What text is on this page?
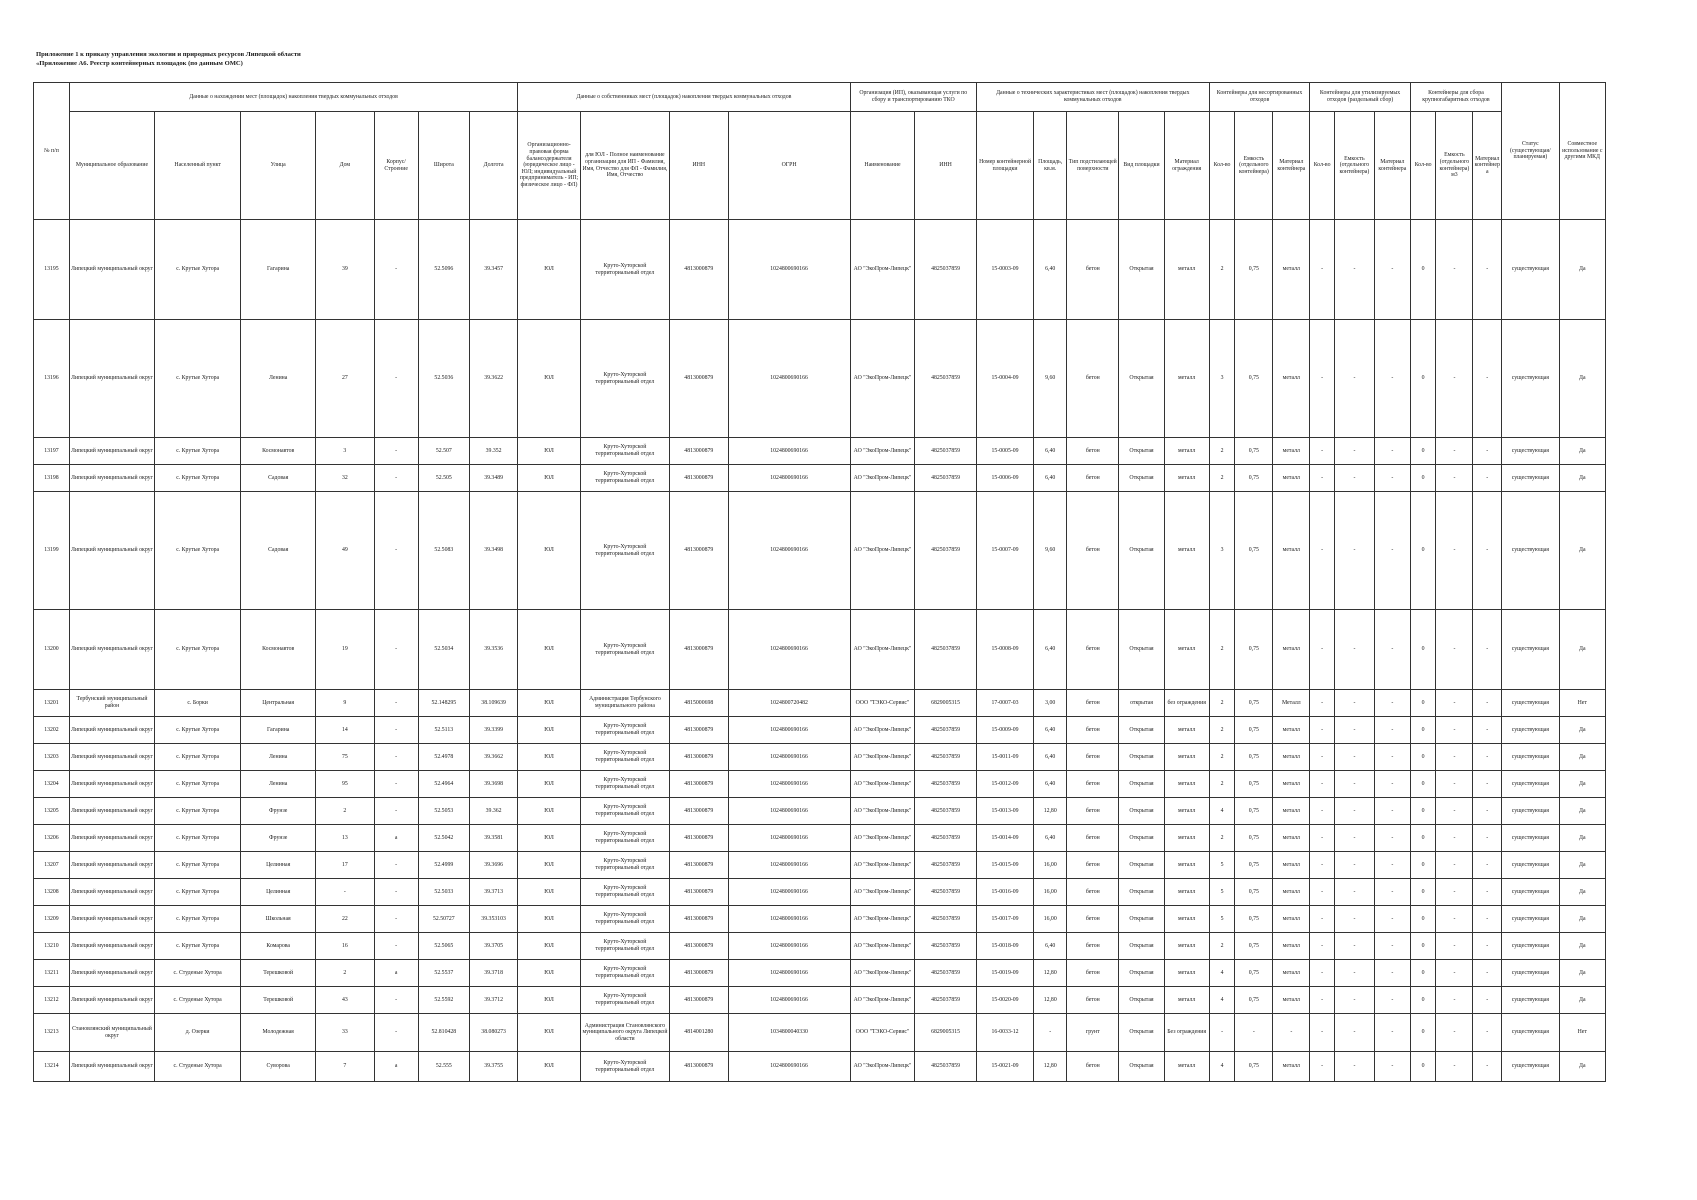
Приложение 1 к приказу управления экологии и природных ресурсов Липецкой области
«Приложение А6. Реестр контейнерных площадок (по данным ОМС)
№ п/п	Данные о нахождении мест (площадок) накопления твердых коммунальных отходов							Данные о собственниках мест (площадок) накопления твердых коммунальных отходов				Организация (ИП), оказывающая услуги по сбору и транспортированию ТКО		Данные о технических характеристиках мест (площадок) накопления твердых коммунальных отходов					Контейнеры для несортированных отходов			Контейнеры для утилизируемых отходов (раздельный сбор)			Контейнеры для сбора крупногабаритных отходов			Статус (существующая/ планируемая)	Совместное использование с другими МКД
	Муниципальное образование	Населенный пункт	Улица	Дом	Корпус/Строение	Широта	Долгота	Организационно-правовая форма балансодержателя (юридическое лицо - ЮЛ; индивидуальный предприниматель - ИП; физическое лицо - ФЛ)	для ЮЛ - Полное наименование организации для ИП - Фамилия, Имя, Отчество для ФЛ - Фамилия, Имя, Отчество	ИНН	ОГРН	Наименование	ИНН	Номер контейнерной площадки	Площадь, кв.м.	Тип подстилающей поверхности	Вид площадки	Материал ограждения	Кол-во	Емкость (отдельного контейнера)	Материал контейнера	Кол-во	Емкость (отдельного контейнера)	Материал контейнера	Кол-во	Емкость (отдельного контейнера) м3	Материал контейнера		
13195	Липецкий муниципальный округ	с. Крутые Хутора	Гагарина	39	-	52.5096	39.3457	ЮЛ	Круто-Хуторской территориальный отдел	4813000879	1024800690166	АО "ЭкоПром-Липецк"	4825037859	15-0003-09	6,40	бетон	Открытая	металл	2	0,75	металл	-	-	-	0	-	-	существующая	Да
13196	Липецкий муниципальный округ	с. Крутые Хутора	Ленина	27	-	52.5036	39.3622	ЮЛ	Круто-Хуторской территориальный отдел	4813000879	1024800690166	АО "ЭкоПром-Липецк"	4825037859	15-0004-09	9,60	бетон	Открытая	металл	3	0,75	металл	-	-	-	0	-	-	существующая	Да
13197	Липецкий муниципальный округ	с. Крутые Хутора	Космонавтов	3	-	52.507	39.352	ЮЛ	Круто-Хуторской территориальный отдел	4813000879	1024800690166	АО "ЭкоПром-Липецк"	4825037859	15-0005-09	6,40	бетон	Открытая	металл	2	0,75	металл	-	-	-	0	-	-	существующая	Да
13198	Липецкий муниципальный округ	с. Крутые Хутора	Садовая	32	-	52.505	39.3489	ЮЛ	Круто-Хуторской территориальный отдел	4813000879	1024800690166	АО "ЭкоПром-Липецк"	4825037859	15-0006-09	6,40	бетон	Открытая	металл	2	0,75	металл	-	-	-	0	-	-	существующая	Да
13199	Липецкий муниципальный округ	с. Крутые Хутора	Садовая	49	-	52.5083	39.3498	ЮЛ	Круто-Хуторской территориальный отдел	4813000879	1024800690166	АО "ЭкоПром-Липецк"	4825037859	15-0007-09	9,60	бетон	Открытая	металл	3	0,75	металл	-	-	-	0	-	-	существующая	Да
13200	Липецкий муниципальный округ	с. Крутые Хутора	Космонавтов	19	-	52.5034	39.3536	ЮЛ	Круто-Хуторской территориальный отдел	4813000879	1024800690166	АО "ЭкоПром-Липецк"	4825037859	15-0008-09	6,40	бетон	Открытая	металл	2	0,75	металл	-	-	-	0	-	-	существующая	Да
13201	Тербунский муниципальный район	с. Борки	Центральная	9	-	52.148295	38.109639	ЮЛ	Администрация Тербунского муниципального района	4815000698	1024800720482	ООО "ТЭКО-Сервис"	6829005315	17-0007-03	3,00	бетон	открытая	без ограждения	2	0,75	Металл	-	-	-	0	-	-	существующая	Нет
13202	Липецкий муниципальный округ	с. Крутые Хутора	Гагарина	14	-	52.5113	39.3399	ЮЛ	Круто-Хуторской территориальный отдел	4813000879	1024800690166	АО "ЭкоПром-Липецк"	4825037859	15-0009-09	6,40	бетон	Открытая	металл	2	0,75	металл	-	-	-	0	-	-	существующая	Да
13203	Липецкий муниципальный округ	с. Крутые Хутора	Ленина	75	-	52.4978	39.3662	ЮЛ	Круто-Хуторской территориальный отдел	4813000879	1024800690166	АО "ЭкоПром-Липецк"	4825037859	15-0011-09	6,40	бетон	Открытая	металл	2	0,75	металл	-	-	-	0	-	-	существующая	Да
13204	Липецкий муниципальный округ	с. Крутые Хутора	Ленина	95	-	52.4964	39.3698	ЮЛ	Круто-Хуторской территориальный отдел	4813000879	1024800690166	АО "ЭкоПром-Липецк"	4825037859	15-0012-09	6,40	бетон	Открытая	металл	2	0,75	металл	-	-	-	0	-	-	существующая	Да
13205	Липецкий муниципальный округ	с. Крутые Хутора	Фрунзе	2	-	52.5053	39.362	ЮЛ	Круто-Хуторской территориальный отдел	4813000879	1024800690166	АО "ЭкоПром-Липецк"	4825037859	15-0013-09	12,80	бетон	Открытая	металл	4	0,75	металл	-	-	-	0	-	-	существующая	Да
13206	Липецкий муниципальный округ	с. Крутые Хутора	Фрунзе	13	а	52.5042	39.3581	ЮЛ	Круто-Хуторской территориальный отдел	4813000879	1024800690166	АО "ЭкоПром-Липецк"	4825037859	15-0014-09	6,40	бетон	Открытая	металл	2	0,75	металл	-	-	-	0	-	-	существующая	Да
13207	Липецкий муниципальный округ	с. Крутые Хутора	Целинная	17	-	52.4999	39.3696	ЮЛ	Круто-Хуторской территориальный отдел	4813000879	1024800690166	АО "ЭкоПром-Липецк"	4825037859	15-0015-09	16,00	бетон	Открытая	металл	5	0,75	металл	-	-	-	0	-	-	существующая	Да
13208	Липецкий муниципальный округ	с. Крутые Хутора	Целинная	-	-	52.5033	39.3713	ЮЛ	Круто-Хуторской территориальный отдел	4813000879	1024800690166	АО "ЭкоПром-Липецк"	4825037859	15-0016-09	16,00	бетон	Открытая	металл	5	0,75	металл	-	-	-	0	-	-	существующая	Да
13209	Липецкий муниципальный округ	с. Крутые Хутора	Школьная	22	-	52.50727	39.353103	ЮЛ	Круто-Хуторской территориальный отдел	4813000879	1024800690166	АО "ЭкоПром-Липецк"	4825037859	15-0017-09	16,00	бетон	Открытая	металл	5	0,75	металл	-	-	-	0	-	-	существующая	Да
13210	Липецкий муниципальный округ	с. Крутые Хутора	Комарова	16	-	52.5065	39.3705	ЮЛ	Круто-Хуторской территориальный отдел	4813000879	1024800690166	АО "ЭкоПром-Липецк"	4825037859	15-0018-09	6,40	бетон	Открытая	металл	2	0,75	металл	-	-	-	0	-	-	существующая	Да
13211	Липецкий муниципальный округ	с. Студеные Хутора	Терешковой	2	а	52.5537	39.3718	ЮЛ	Круто-Хуторской территориальный отдел	4813000879	1024800690166	АО "ЭкоПром-Липецк"	4825037859	15-0019-09	12,80	бетон	Открытая	металл	4	0,75	металл	-	-	-	0	-	-	существующая	Да
13212	Липецкий муниципальный округ	с. Студеные Хутора	Терешковой	43	-	52.5592	39.3712	ЮЛ	Круто-Хуторской территориальный отдел	4813000879	1024800690166	АО "ЭкоПром-Липецк"	4825037859	15-0020-09	12,80	бетон	Открытая	металл	4	0,75	металл	-	-	-	0	-	-	существующая	Да
13213	Становлянский муниципальный округ	д. Озерки	Молодежная	33	-	52.810428	38.080273	ЮЛ	Администрация Становлянского муниципального округа Липецкой области	4814001280	1034800040330	ООО "ТЭКО-Сервис"	6829005315	16-0033-12	-	грунт	Открытая	Без ограждения	-	-	-	-	-	-	0	-	-	существующая	Нет
13214	Липецкий муниципальный округ	с. Студеные Хутора	Суворова	7	а	52.555	39.3755	ЮЛ	Круто-Хуторской территориальный отдел	4813000879	1024800690166	АО "ЭкоПром-Липецк"	4825037859	15-0021-09	12,80	бетон	Открытая	металл	4	0,75	металл	-	-	-	0	-	-	существующая	Да
